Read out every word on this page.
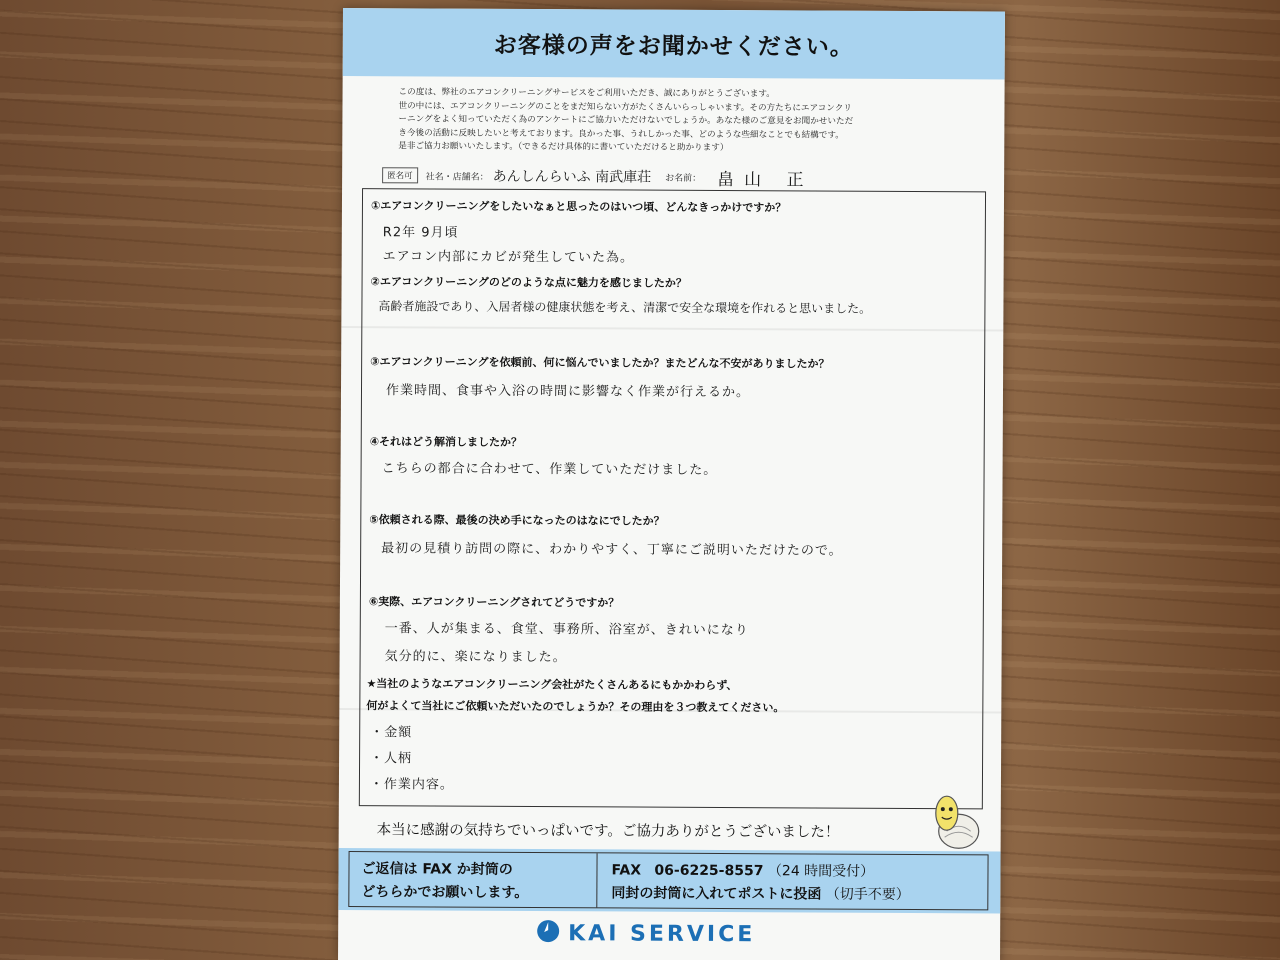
お客様の声をお聞かせください。

この度は、弊社のエアコンクリーニングサービスをご利用いただき、誠にありがとうございます。

世の中には、エアコンクリーニングのことをまだ知らない方がたくさんいらっしゃいます。その方たちにエアコンクリ

ーニングをよく知っていただく為のアンケートにご協力いただけないでしょうか。あなた様のご意見をお聞かせいただ

き今後の活動に反映したいと考えております。良かった事、うれしかった事、どのような些細なことでも結構です。

是非ご協力お願いいたします。（できるだけ具体的に書いていただけると助かります）

匿名可	社名・店舗名： あんしんらいふ 南武庫荘 お名前： 畠山 正
①エアコンクリーニングをしたいなぁと思ったのはいつ頃、どんなきっかけですか？
R2年 9月頃
エアコン内部にカビが発生していた為。
②エアコンクリーニングのどのような点に魅力を感じましたか？
高齢者施設であり、入居者様の健康状態を考え、清潔で安全な環境を作れると思いました。
③エアコンクリーニングを依頼前、何に悩んでいましたか？またどんな不安がありましたか？
作業時間、食事や入浴の時間に影響なく作業が行えるか。
④それはどう解消しましたか？
こちらの都合に合わせて、作業していただけました。
⑤依頼される際、最後の決め手になったのはなにでしたか？
最初の見積り訪問の際に、わかりやすく、丁寧にご説明いただけたので。
⑥実際、エアコンクリーニングされてどうですか？
一番、人が集まる、食堂、事務所、浴室が、きれいになり
気分的に、楽になりました。
★当社のようなエアコンクリーニング会社がたくさんあるにもかかわらず、
何がよくて当社にご依頼いただいたのでしょうか？その理由を３つ教えてください。
・金額
・人柄
・作業内容。
本当に感謝の気持ちでいっぱいです。ご協力ありがとうございました！
ご返信は FAX か封筒の
どちらかでお願いします。
FAX 06-6225-8557 （24 時間受付）
同封の封筒に入れてポストに投函 （切手不要）
KAI SERVICE
